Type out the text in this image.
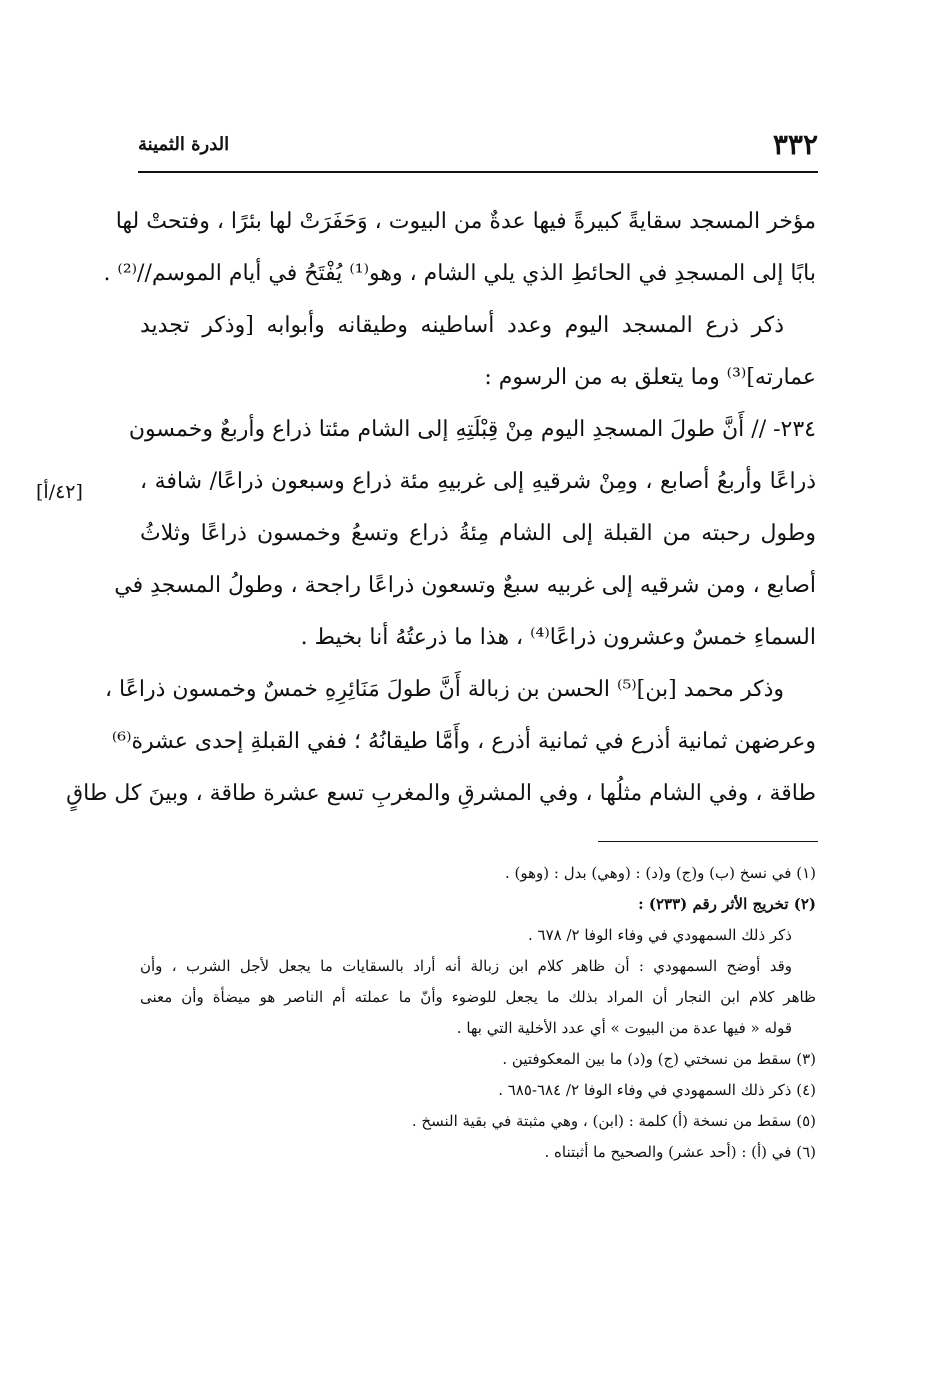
٣٣٢
الدرة الثمينة
[٤٢/أ]
مؤخر المسجد سقايةً كبيرةً فيها عدةٌ من البيوت ، وَحَفَرَتْ لها بئرًا ، وفتحتْ لها
بابًا إلى المسجدِ في الحائطِ الذي يلي الشام ، وهو⁽¹⁾ يُفْتَحُ في أيام الموسم//⁽²⁾ .
ذكر ذرع المسجد اليوم وعدد أساطينه وطيقانه وأبوابه [وذكر تجديد
عمارته]⁽³⁾ وما يتعلق به من الرسوم :
٢٣٤- // أَنَّ طولَ المسجدِ اليوم مِنْ قِبْلَتِهِ إلى الشام مئتا ذراع وأربعٌ وخمسون
ذراعًا وأربعُ أصابع ، ومِنْ شرقيهِ إلى غربيهِ مئة ذراع وسبعون ذراعًا/ شافة ،
وطول رحبته من القبلة إلى الشام مِئةُ ذراع وتسعُ وخمسون ذراعًا وثلاثُ
أصابع ، ومن شرقيه إلى غربيه سبعٌ وتسعون ذراعًا راجحة ، وطولُ المسجدِ في
السماءِ خمسٌ وعشرون ذراعًا⁽⁴⁾ ، هذا ما ذرعتُهُ أنا بخيط .
وذكر محمد [بن]⁽⁵⁾ الحسن بن زبالة أَنَّ طولَ مَنَائِرِهِ خمسٌ وخمسون ذراعًا ،
وعرضهن ثمانية أذرع في ثمانية أذرع ، وأَمَّا طيقانُهُ ؛ ففي القبلةِ إحدى عشرة⁽⁶⁾
طاقة ، وفي الشام مثلُها ، وفي المشرقِ والمغربِ تسع عشرة طاقة ، وبينَ كل طاقٍ
(١) في نسخ (ب) و(ج) و(د) : (وهي) بدل : (وهو) .
(٢) تخريج الأثر رقم (٢٣٣) :
ذكر ذلك السمهودي في وفاء الوفا ٢/ ٦٧٨ .
وقد أوضح السمهودي : أن ظاهر كلام ابن زبالة أنه أراد بالسقايات ما يجعل لأجل الشرب ، وأن
ظاهر كلام ابن النجار أن المراد بذلك ما يجعل للوضوء وأنّ ما عملته أم الناصر هو ميضأة وأن معنى
قوله « فيها عدة من البيوت » أي عدد الأخلية التي بها .
(٣) سقط من نسختي (ج) و(د) ما بين المعكوفتين .
(٤) ذكر ذلك السمهودي في وفاء الوفا ٢/ ٦٨٤-٦٨٥ .
(٥) سقط من نسخة (أ) كلمة : (ابن) ، وهي مثبتة في بقية النسخ .
(٦) في (أ) : (أحد عشر) والصحيح ما أثبتناه .
